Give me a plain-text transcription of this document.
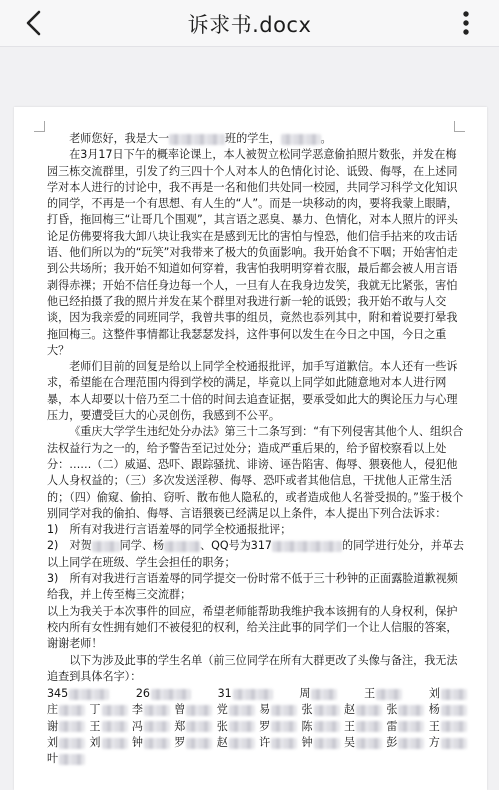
诉求书.docx

老师您好，我是大一	班的学生，	。

在3月17日下午的概率论课上，本人被贺立松同学恶意偷拍照片数张，并发在梅园三栋交流群里，引发了约三四十个人对本人的色情化讨论、诋毁、侮辱，在上述同学对本人进行的讨论中，我不再是一名和他们共处同一校园，共同学习科学文化知识的同学，不再是一个有思想、有人生的“人”。而是一块移动的肉，要将我蒙上眼睛，打昏，拖回梅三“让哥几个围观”，其言语之恶臭、暴力、色情化，对本人照片的评头论足仿佛要将我大卸八块让我实在是感到无比的害怕与惶恐，他们信手拈来的攻击话语、他们所以为的“玩笑”对我带来了极大的负面影响。我开始食不下咽；开始害怕走到公共场所；我开始不知道如何穿着，我害怕我明明穿着衣服，最后都会被人用言语剥得赤裸；开始不信任身边每一个人，一旦有人在我身边发笑，我就无比紧张，害怕他已经拍摄了我的照片并发在某个群里对我进行新一轮的诋毁；我开始不敢与人交谈，因为我亲爱的同班同学，我曾共事的组员，竟然也忝列其中，附和着说要打晕我拖回梅三。这整件事情都让我瑟瑟发抖，这件事何以发生在今日之中国，今日之重大？

老师们目前的回复是给以上同学全校通报批评，加手写道歉信。本人还有一些诉求，希望能在合理范围内得到学校的满足，毕竟以上同学如此随意地对本人进行网暴，本人却要以十倍乃至二十倍的时间去追查证据，要承受如此大的舆论压力与心理压力，要遭受巨大的心灵创伤，我感到不公平。

《重庆大学学生违纪处分办法》第三十二条写到：“有下列侵害其他个人、组织合法权益行为之一的，给予警告至记过处分；造成严重后果的，给予留校察看以上处分：……（二）威逼、恐吓、跟踪骚扰、诽谤、诬告陷害、侮辱、猥亵他人，侵犯他人人身权益的；（三）多次发送淫秽、侮辱、恐吓或者其他信息，干扰他人正常生活的；（四）偷窥、偷拍、窃听、散布他人隐私的，或者造成他人名誉受损的。”鉴于极个别同学对我的偷拍、侮辱、言语猥亵已经满足以上条件，本人提出下列合法诉求：

1)　所有对我进行言语羞辱的同学全校通报批评；

2)　对贺	同学、杨	、QQ号为317	的同学进行处分，并革去以上同学在班级、学生会担任的职务；

3)　所有对我进行言语羞辱的同学提交一份时常不低于三十秒钟的正面露脸道歉视频给我，并上传至梅三交流群；

以上为我关于本次事件的回应，希望老师能帮助我维护我本该拥有的人身权利，保护校内所有女性拥有她们不被侵犯的权利，给关注此事的同学们一个让人信服的答案，谢谢老师！

以下为涉及此事的学生名单（前三位同学在所有大群更改了头像与备注，我无法追查到具体名字）：

345	26	31	周	王	刘
庄	丁	李	曾	党	易	张	赵	张	杨
谢	王	冯	郑	张	罗	陈	王	雷	王
刘	刘	钟	罗	赵	许	钟	吴	彭	方
叶
